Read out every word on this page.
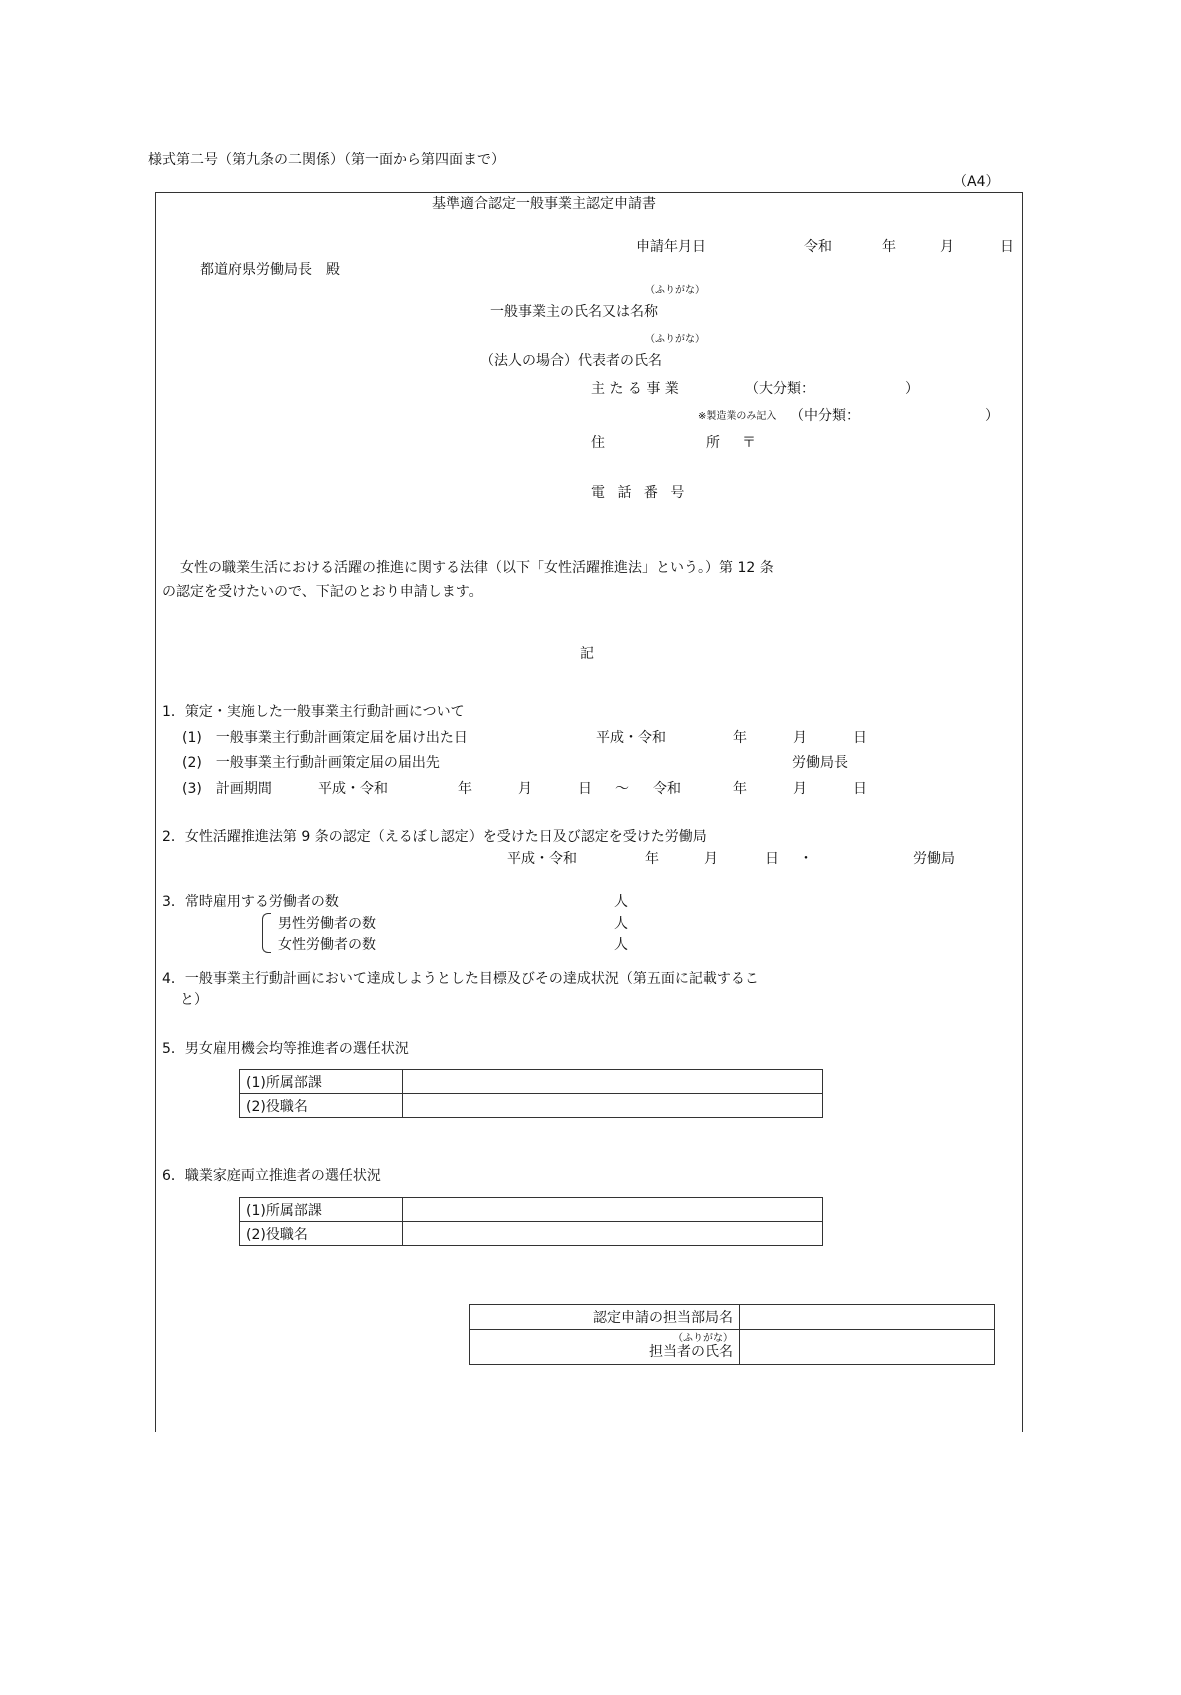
様式第二号（第九条の二関係）（第一面から第四面まで）
（A4）
基準適合認定一般事業主認定申請書
申請年月日	令和	年	月	日
都道府県労働局長　殿
（ふりがな）
一般事業主の氏名又は名称
（ふりがな）
（法人の場合）代表者の氏名
主 た る 事 業	（大分類：	）
※製造業のみ記入 （中分類：	）
住	所 〒
電 話 番 号
女性の職業生活における活躍の推進に関する法律（以下「女性活躍推進法」という。）第 12 条
の認定を受けたいので、下記のとおり申請します。
記
1．策定・実施した一般事業主行動計画について
(1)　一般事業主行動計画策定届を届け出た日	平成・令和	年	月	日
(2)　一般事業主行動計画策定届の届出先	労働局長
(3)　計画期間	平成・令和	年	月	日 ～ 令和	年	月	日
2．女性活躍推進法第 9 条の認定（えるぼし認定）を受けた日及び認定を受けた労働局
平成・令和	年	月	日 ・	労働局
3．常時雇用する労働者の数	人
男性労働者の数	人
女性労働者の数	人
4．一般事業主行動計画において達成しようとした目標及びその達成状況（第五面に記載するこ
と）
5．男女雇用機会均等推進者の選任状況
(1)所属部課	
(2)役職名	
6．職業家庭両立推進者の選任状況
(1)所属部課	
(2)役職名	
認定申請の担当部局名	

（ふりがな）
担当者の氏名	
